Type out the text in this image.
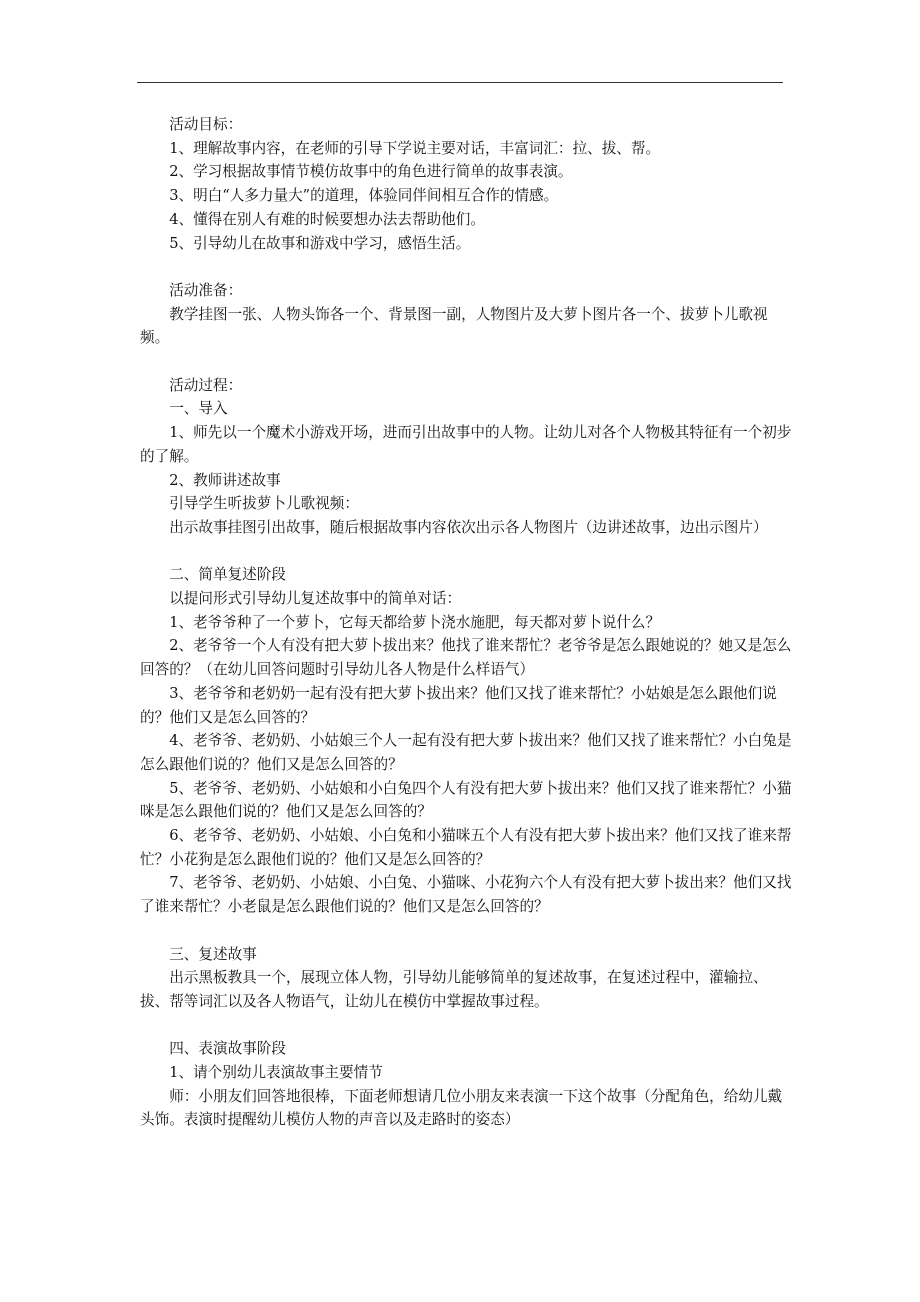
活动目标：

1、理解故事内容，在老师的引导下学说主要对话，丰富词汇：拉、拔、帮。

2、学习根据故事情节模仿故事中的角色进行简单的故事表演。

3、明白“人多力量大”的道理，体验同伴间相互合作的情感。

4、懂得在别人有难的时候要想办法去帮助他们。

5、引导幼儿在故事和游戏中学习，感悟生活。

活动准备：

教学挂图一张、人物头饰各一个、背景图一副，人物图片及大萝卜图片各一个、拔萝卜儿歌视频。

活动过程：

一、导入

1、师先以一个魔术小游戏开场，进而引出故事中的人物。让幼儿对各个人物极其特征有一个初步的了解。

2、教师讲述故事

引导学生听拔萝卜儿歌视频：

出示故事挂图引出故事，随后根据故事内容依次出示各人物图片（边讲述故事，边出示图片）

二、简单复述阶段

以提问形式引导幼儿复述故事中的简单对话：

1、老爷爷种了一个萝卜，它每天都给萝卜浇水施肥，每天都对萝卜说什么？

2、老爷爷一个人有没有把大萝卜拔出来？他找了谁来帮忙？老爷爷是怎么跟她说的？她又是怎么回答的？（在幼儿回答问题时引导幼儿各人物是什么样语气）

3、老爷爷和老奶奶一起有没有把大萝卜拔出来？他们又找了谁来帮忙？小姑娘是怎么跟他们说的？他们又是怎么回答的？

4、老爷爷、老奶奶、小姑娘三个人一起有没有把大萝卜拔出来？他们又找了谁来帮忙？小白兔是怎么跟他们说的？他们又是怎么回答的？

5、老爷爷、老奶奶、小姑娘和小白兔四个人有没有把大萝卜拔出来？他们又找了谁来帮忙？小猫咪是怎么跟他们说的？他们又是怎么回答的？

6、老爷爷、老奶奶、小姑娘、小白兔和小猫咪五个人有没有把大萝卜拔出来？他们又找了谁来帮忙？小花狗是怎么跟他们说的？他们又是怎么回答的？

7、老爷爷、老奶奶、小姑娘、小白兔、小猫咪、小花狗六个人有没有把大萝卜拔出来？他们又找了谁来帮忙？小老鼠是怎么跟他们说的？他们又是怎么回答的？

三、复述故事

出示黑板教具一个，展现立体人物，引导幼儿能够简单的复述故事，在复述过程中，灌输拉、拔、帮等词汇以及各人物语气，让幼儿在模仿中掌握故事过程。

四、表演故事阶段

1、请个别幼儿表演故事主要情节

师：小朋友们回答地很棒，下面老师想请几位小朋友来表演一下这个故事（分配角色，给幼儿戴头饰。表演时提醒幼儿模仿人物的声音以及走路时的姿态）
